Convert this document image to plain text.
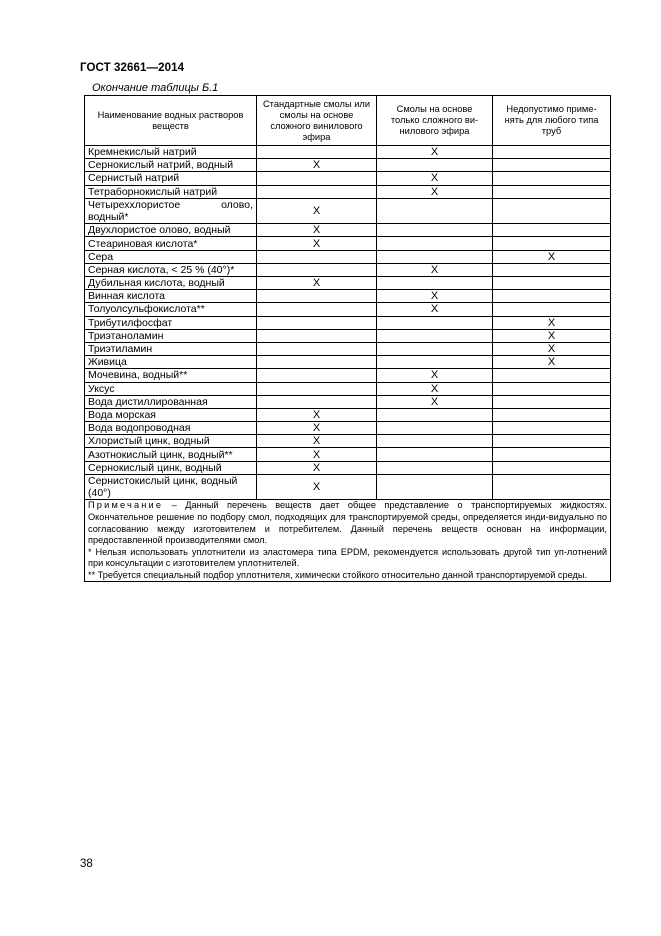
ГОСТ 32661—2014
Окончание таблицы Б.1
Наименование водных растворов веществ	Стандартные смолы или смолы на основе сложного винилового эфира	Смолы на основе только сложного ви-нилового эфира	Недопустимо приме-нять для любого типа труб
Кремнекислый натрий		X	
Сернокислый натрий, водный	X		
Сернистый натрий		X	
Тетраборнокислый натрий		X	

Четыреххлористое олово,
водный*	X		
Двухлористое олово, водный	X		
Стеариновая кислота*	X		
Сера			X
Серная кислота, < 25 % (40°)*		X	
Дубильная кислота, водный	X		
Винная кислота		X	
Толуолсульфокислота**		X	
Трибутилфосфат			X
Триэтаноламин			X
Триэтиламин			X
Живица			X
Мочевина, водный**		X	
Уксус		X	
Вода дистиллированная		X	
Вода морская	X		
Вода водопроводная	X		
Хлористый цинк, водный	X		
Азотнокислый цинк, водный**	X		
Сернокислый цинк, водный	X		

Сернистокислый цинк, водный
(40°)	X		

Примечание – Данный перечень веществ дает общее представление о транспортируемых жидкостях. Окончательное решение по подбору смол, подходящих для транспортируемой среды, определяется инди-видуально по согласованию между изготовителем и потребителем. Данный перечень веществ основан на информации, предоставленной производителями смол.

* Нельзя использовать уплотнители из эластомера типа EPDM, рекомендуется использовать другой тип уп-лотнений при консультации с изготовителем уплотнителей.

** Требуется специальный подбор уплотнителя, химически стойкого относительно данной транспортируемой среды.			

38
